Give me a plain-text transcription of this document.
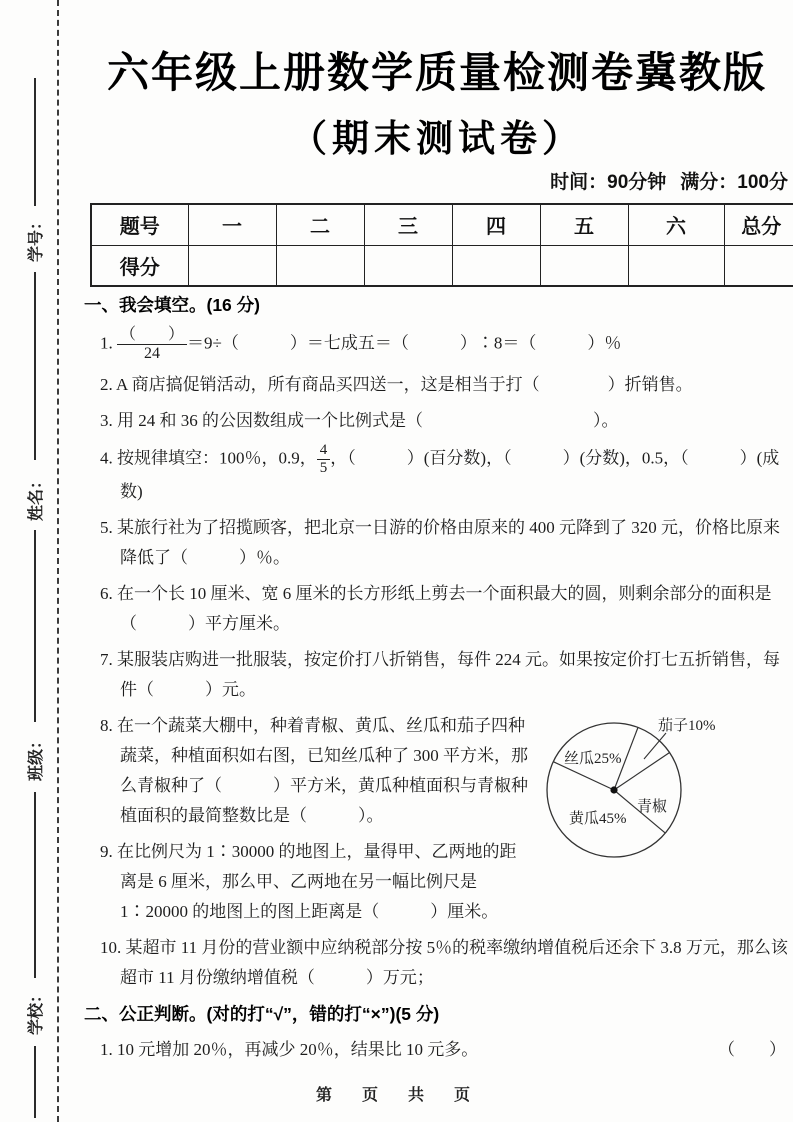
学号：
姓名：
班级：
学校：
六年级上册数学质量检测卷冀教版
（期末测试卷）
时间：90分钟 满分：100分
题号	一	二	三	四	五	六	总分
得分							
一、我会填空。(16 分)

1. $\frac{( )}{24} =9\div$（　　　）＝七成五＝（　　　）∶8＝（　　　）％

2. A 商店搞促销活动，所有商品买四送一，这是相当于打（　　　　）折销售。

3. 用 24 和 36 的公因数组成一个比例式是（　　　　　　　　　　）。

4. 按规律填空：100％，0.9， $\frac{4}{5}$ ，（　　　）(百分数)，（　　　）(分数)，0.5，（　　　）(成数)

5. 某旅行社为了招揽顾客，把北京一日游的价格由原来的 400 元降到了 320 元，价格比原来降低了（　　　）％。

6. 在一个长 10 厘米、宽 6 厘米的长方形纸上剪去一个面积最大的圆，则剩余部分的面积是（　　　）平方厘米。

7. 某服装店购进一批服装，按定价打八折销售，每件 224 元。如果按定价打七五折销售，每件（　　　）元。

茄子10%
丝瓜25%
青椒
黄瓜45%

8. 在一个蔬菜大棚中，种着青椒、黄瓜、丝瓜和茄子四种蔬菜，种植面积如右图，已知丝瓜种了 300 平方米，那么青椒种了（　　　）平方米，黄瓜种植面积与青椒种植面积的最简整数比是（　　　）。

9. 在比例尺为 1∶30000 的地图上，量得甲、乙两地的距离是 6 厘米，那么甲、乙两地在另一幅比例尺是 1∶20000 的地图上的图上距离是（　　　）厘米。

10. 某超市 11 月份的营业额中应纳税部分按 5％的税率缴纳增值税后还余下 3.8 万元，那么该超市 11 月份缴纳增值税（　　　）万元；

二、公正判断。(对的打“√”，错的打“×”)(5 分)

1. 10 元增加 20％，再减少 20％，结果比 10 元多。	（　　）

第　页　共　页
